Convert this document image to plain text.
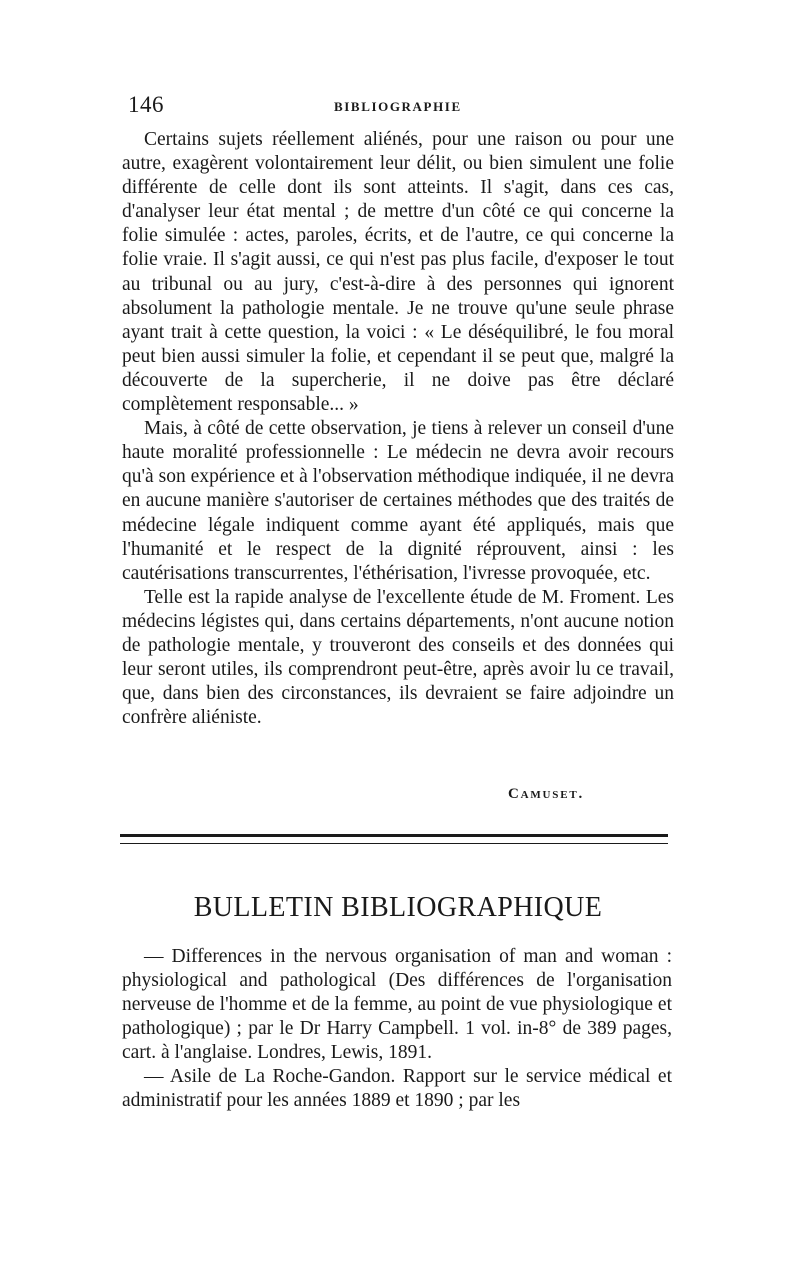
146	BIBLIOGRAPHIE

Certains sujets réellement aliénés, pour une raison ou pour une autre, exagèrent volontairement leur délit, ou bien simulent une folie différente de celle dont ils sont atteints. Il s'agit, dans ces cas, d'analyser leur état mental ; de mettre d'un côté ce qui concerne la folie simulée : actes, paroles, écrits, et de l'autre, ce qui concerne la folie vraie. Il s'agit aussi, ce qui n'est pas plus facile, d'exposer le tout au tribunal ou au jury, c'est-à-dire à des personnes qui ignorent absolument la pathologie mentale. Je ne trouve qu'une seule phrase ayant trait à cette question, la voici : « Le déséquilibré, le fou moral peut bien aussi simuler la folie, et cependant il se peut que, malgré la découverte de la supercherie, il ne doive pas être déclaré complètement responsable... »

Mais, à côté de cette observation, je tiens à relever un conseil d'une haute moralité professionnelle : Le médecin ne devra avoir recours qu'à son expérience et à l'observation méthodique indiquée, il ne devra en aucune manière s'autoriser de certaines méthodes que des traités de médecine légale indiquent comme ayant été appliqués, mais que l'humanité et le respect de la dignité réprouvent, ainsi : les cautérisations transcurrentes, l'éthérisation, l'ivresse provoquée, etc.

Telle est la rapide analyse de l'excellente étude de M. Froment. Les médecins légistes qui, dans certains départements, n'ont aucune notion de pathologie mentale, y trouveront des conseils et des données qui leur seront utiles, ils comprendront peut-être, après avoir lu ce travail, que, dans bien des circonstances, ils devraient se faire adjoindre un confrère aliéniste.

Camuset.
BULLETIN BIBLIOGRAPHIQUE

— Differences in the nervous organisation of man and woman : physiological and pathological (Des différences de l'organisation nerveuse de l'homme et de la femme, au point de vue physiologique et pathologique) ; par le Dr Harry Campbell. 1 vol. in-8° de 389 pages, cart. à l'anglaise. Londres, Lewis, 1891.

— Asile de La Roche-Gandon. Rapport sur le service médical et administratif pour les années 1889 et 1890 ; par les
